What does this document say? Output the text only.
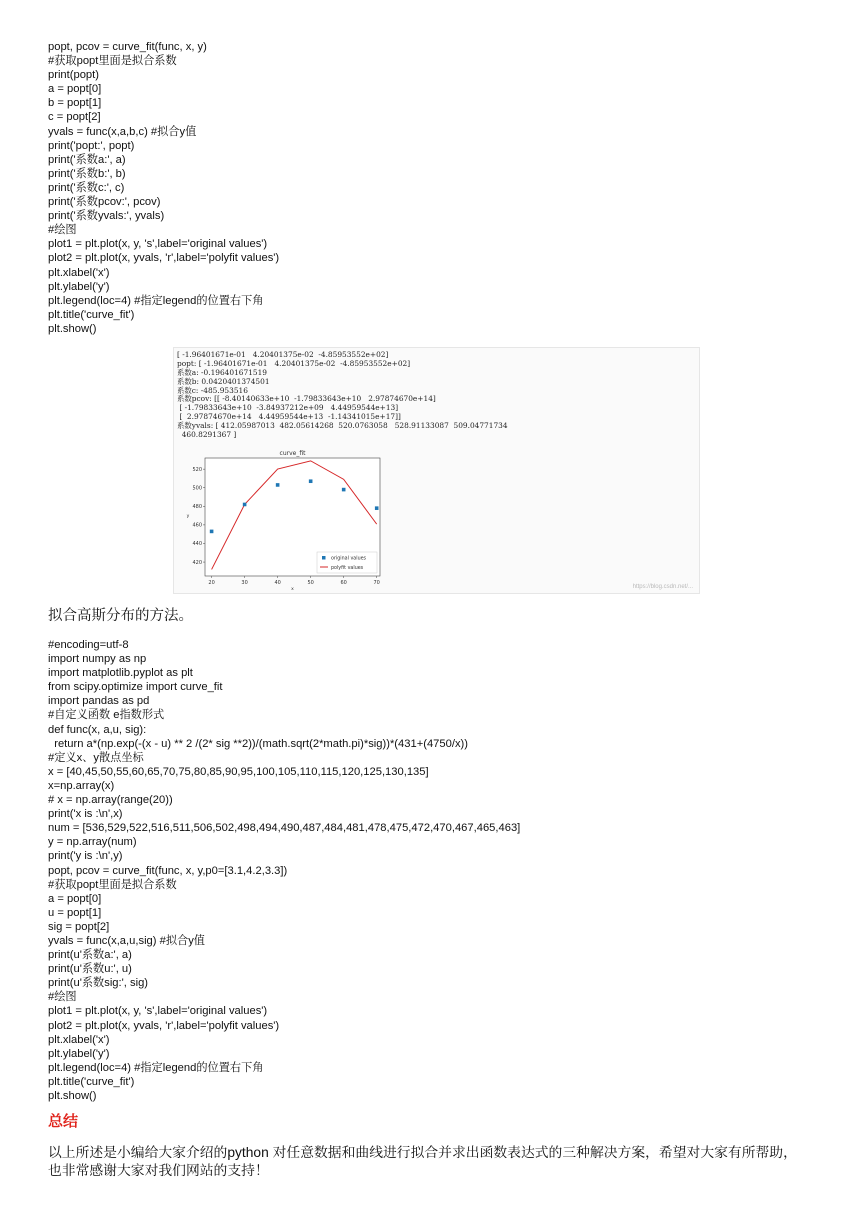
popt, pcov = curve_fit(func, x, y)
#获取popt里面是拟合系数
print(popt)
a = popt[0]
b = popt[1]
c = popt[2]
yvals = func(x,a,b,c) #拟合y值
print('popt:', popt)
print('系数a:', a)
print('系数b:', b)
print('系数c:', c)
print('系数pcov:', pcov)
print('系数yvals:', yvals)
#绘图
plot1 = plt.plot(x, y, 's',label='original values')
plot2 = plt.plot(x, yvals, 'r',label='polyfit values')
plt.xlabel('x')
plt.ylabel('y')
plt.legend(loc=4) #指定legend的位置右下角
plt.title('curve_fit')
plt.show()
[ -1.96401671e-01   4.20401375e-02  -4.85953552e+02]
popt: [ -1.96401671e-01   4.20401375e-02  -4.85953552e+02]
系数a: -0.196401671519
系数b: 0.0420401374501
系数c: -485.953516
系数pcov: [[ -8.40140633e+10  -1.79833643e+10   2.97874670e+14]
[ -1.79833643e+10  -3.84937212e+09   4.44959544e+13]
[  2.97874670e+14   4.44959544e+13  -1.14341015e+17]]
系数yvals: [ 412.05987013  482.05614268  520.0763058   528.91133087  509.04771734
460.8291367 ]
20	30	40	50	60	70
420
440
460
480
500
520
curve_fit
x
y
original values
polyfit values
https://blog.csdn.net/...
拟合高斯分布的方法。
#encoding=utf-8
import numpy as np
import matplotlib.pyplot as plt
from scipy.optimize import curve_fit
import pandas as pd
#自定义函数 e指数形式
def func(x, a,u, sig):
return a*(np.exp(-(x - u) ** 2 /(2* sig **2))/(math.sqrt(2*math.pi)*sig))*(431+(4750/x))
#定义x、y散点坐标
x = [40,45,50,55,60,65,70,75,80,85,90,95,100,105,110,115,120,125,130,135]
x=np.array(x)
# x = np.array(range(20))
print('x is :\n',x)
num = [536,529,522,516,511,506,502,498,494,490,487,484,481,478,475,472,470,467,465,463]
y = np.array(num)
print('y is :\n',y)
popt, pcov = curve_fit(func, x, y,p0=[3.1,4.2,3.3])
#获取popt里面是拟合系数
a = popt[0]
u = popt[1]
sig = popt[2]
yvals = func(x,a,u,sig) #拟合y值
print(u'系数a:', a)
print(u'系数u:', u)
print(u'系数sig:', sig)
#绘图
plot1 = plt.plot(x, y, 's',label='original values')
plot2 = plt.plot(x, yvals, 'r',label='polyfit values')
plt.xlabel('x')
plt.ylabel('y')
plt.legend(loc=4) #指定legend的位置右下角
plt.title('curve_fit')
plt.show()
总结
以上所述是小编给大家介绍的python 对任意数据和曲线进行拟合并求出函数表达式的三种解决方案，希望对大家有所帮助，
也非常感谢大家对我们网站的支持！
